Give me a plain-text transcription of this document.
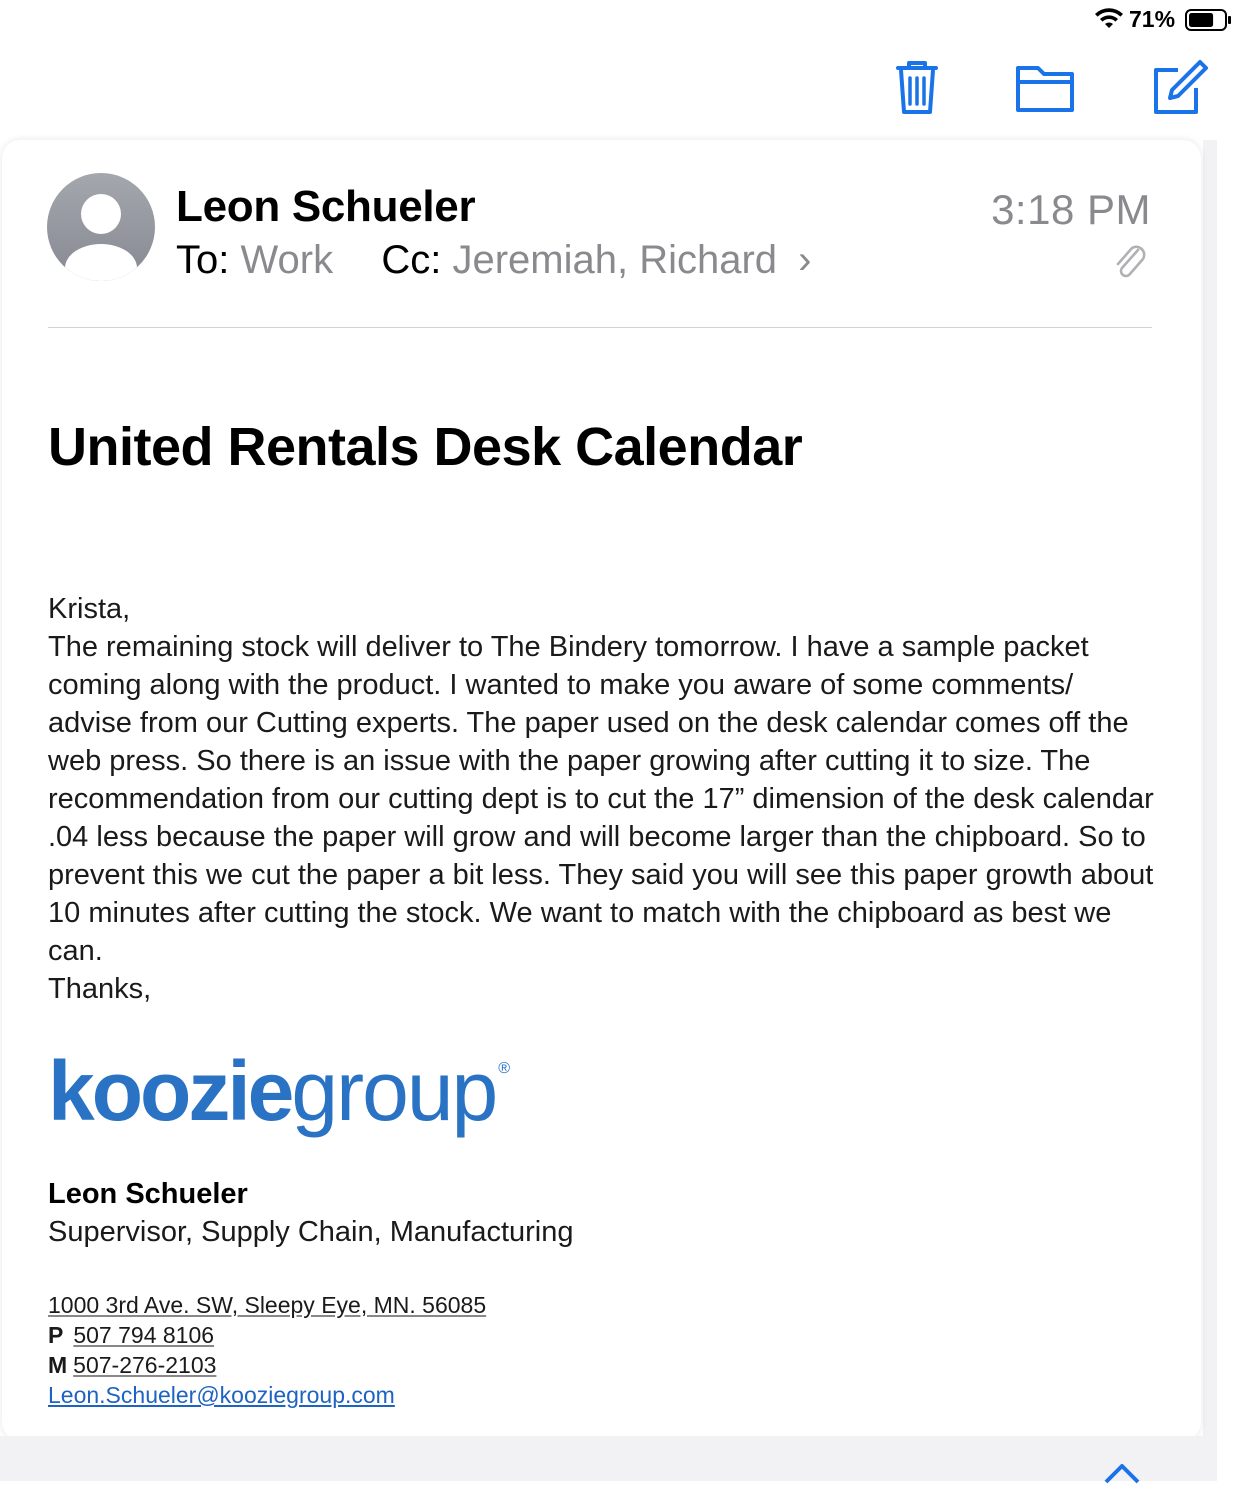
71%
Leon Schueler
To: Work Cc: Jeremiah, Richard ›
3:18 PM
United Rentals Desk Calendar

Krista,

The remaining stock will deliver to The Bindery tomorrow. I have a sample packet coming along with the product. I wanted to make you aware of some comments/ advise from our Cutting experts. The paper used on the desk calendar comes off the web press. So there is an issue with the paper growing after cutting it to size. The recommendation from our cutting dept is to cut the 17” dimension of the desk calendar .04 less because the paper will grow and will become larger than the chipboard. So to prevent this we cut the paper a bit less. They said you will see this paper growth about 10 minutes after cutting the stock. We want to match with the chipboard as best we can.

Thanks,

koozie group ®
Leon Schueler
Supervisor, Supply Chain, Manufacturing
1000 3rd Ave. SW, Sleepy Eye, MN. 56085
P 507 794 8106
M 507-276-2103
Leon.Schueler@kooziegroup.com
